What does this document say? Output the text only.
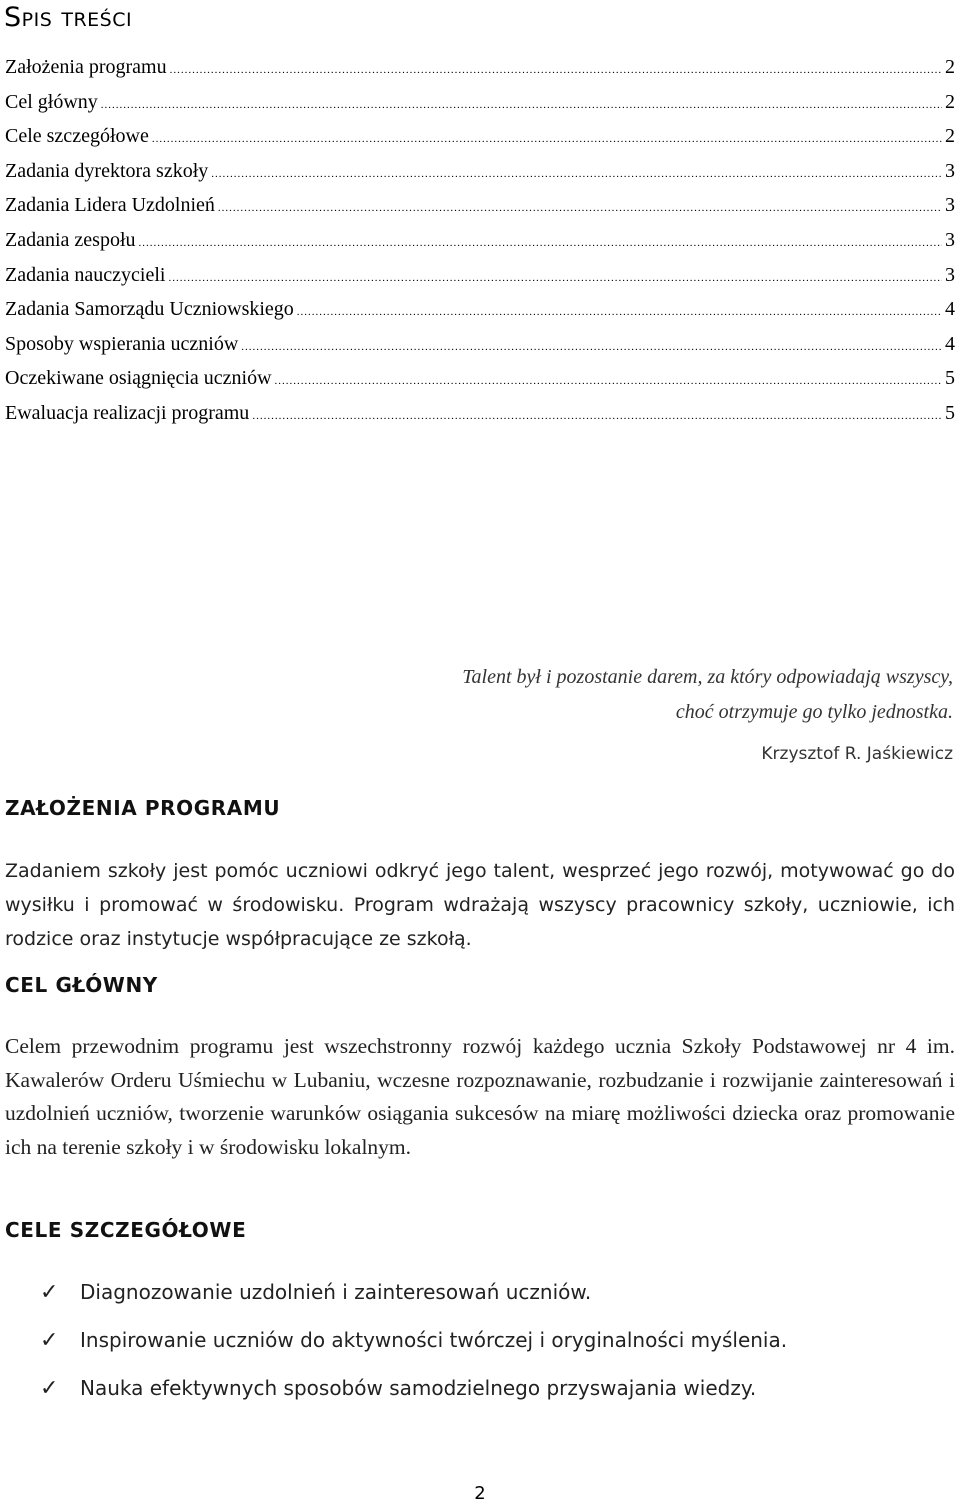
Spis treści
Założenia programu .....	2
Cel główny .....	2
Cele szczegółowe .....	2
Zadania dyrektora szkoły .....	3
Zadania Lidera Uzdolnień .....	3
Zadania zespołu .....	3
Zadania nauczycieli .....	3
Zadania Samorządu Uczniowskiego .....	4
Sposoby wspierania uczniów .....	4
Oczekiwane osiągnięcia uczniów .....	5
Ewaluacja realizacji programu .....	5
Talent był i pozostanie darem, za który odpowiadają wszyscy,
choć otrzymuje go tylko jednostka.
Krzysztof R. Jaśkiewicz
ZAŁOŻENIA PROGRAMU
Zadaniem szkoły jest pomóc uczniowi odkryć jego talent, wesprzeć jego rozwój, motywować go do wysiłku i promować w środowisku. Program wdrażają wszyscy pracownicy szkoły, uczniowie, ich rodzice oraz instytucje współpracujące ze szkołą.
CEL GŁÓWNY
Celem przewodnim programu jest wszechstronny rozwój każdego ucznia Szkoły Podstawowej nr 4 im. Kawalerów Orderu Uśmiechu w Lubaniu, wczesne rozpoznawanie, rozbudzanie i rozwijanie zainteresowań i uzdolnień uczniów, tworzenie warunków osiągania sukcesów na miarę możliwości dziecka oraz promowanie ich na terenie szkoły i w środowisku lokalnym.
CELE SZCZEGÓŁOWE
✓	Diagnozowanie uzdolnień i zainteresowań uczniów.
✓	Inspirowanie uczniów do aktywności twórczej i oryginalności myślenia.
✓	Nauka efektywnych sposobów samodzielnego przyswajania wiedzy.
2
